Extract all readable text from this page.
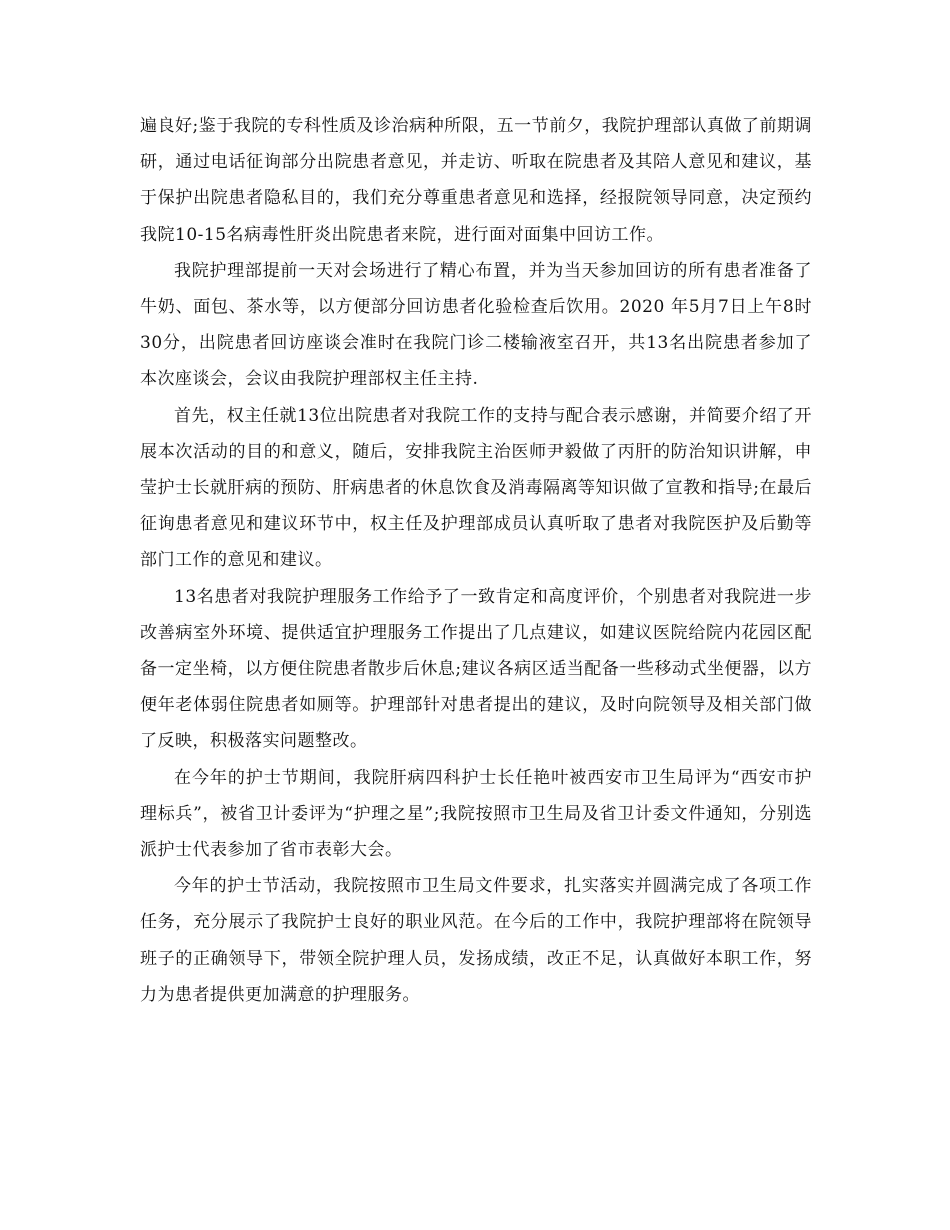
遍良好;鉴于我院的专科性质及诊治病种所限，五一节前夕，我院护理部认真做了前期调研，通过电话征询部分出院患者意见，并走访、听取在院患者及其陪人意见和建议，基于保护出院患者隐私目的，我们充分尊重患者意见和选择，经报院领导同意，决定预约我院10-15名病毒性肝炎出院患者来院，进行面对面集中回访工作。

我院护理部提前一天对会场进行了精心布置，并为当天参加回访的所有患者准备了牛奶、面包、茶水等，以方便部分回访患者化验检查后饮用。2020 年5月7日上午8时30分，出院患者回访座谈会准时在我院门诊二楼输液室召开，共13名出院患者参加了本次座谈会，会议由我院护理部权主任主持.

首先，权主任就13位出院患者对我院工作的支持与配合表示感谢，并简要介绍了开展本次活动的目的和意义，随后，安排我院主治医师尹毅做了丙肝的防治知识讲解，申莹护士长就肝病的预防、肝病患者的休息饮食及消毒隔离等知识做了宣教和指导;在最后征询患者意见和建议环节中，权主任及护理部成员认真听取了患者对我院医护及后勤等部门工作的意见和建议。

13名患者对我院护理服务工作给予了一致肯定和高度评价，个别患者对我院进一步改善病室外环境、提供适宜护理服务工作提出了几点建议，如建议医院给院内花园区配备一定坐椅，以方便住院患者散步后休息;建议各病区适当配备一些移动式坐便器，以方便年老体弱住院患者如厕等。护理部针对患者提出的建议，及时向院领导及相关部门做了反映，积极落实问题整改。

在今年的护士节期间，我院肝病四科护士长任艳叶被西安市卫生局评为“西安市护理标兵”，被省卫计委评为“护理之星”;我院按照市卫生局及省卫计委文件通知，分别选派护士代表参加了省市表彰大会。

今年的护士节活动，我院按照市卫生局文件要求，扎实落实并圆满完成了各项工作任务，充分展示了我院护士良好的职业风范。在今后的工作中，我院护理部将在院领导班子的正确领导下，带领全院护理人员，发扬成绩，改正不足，认真做好本职工作，努力为患者提供更加满意的护理服务。
